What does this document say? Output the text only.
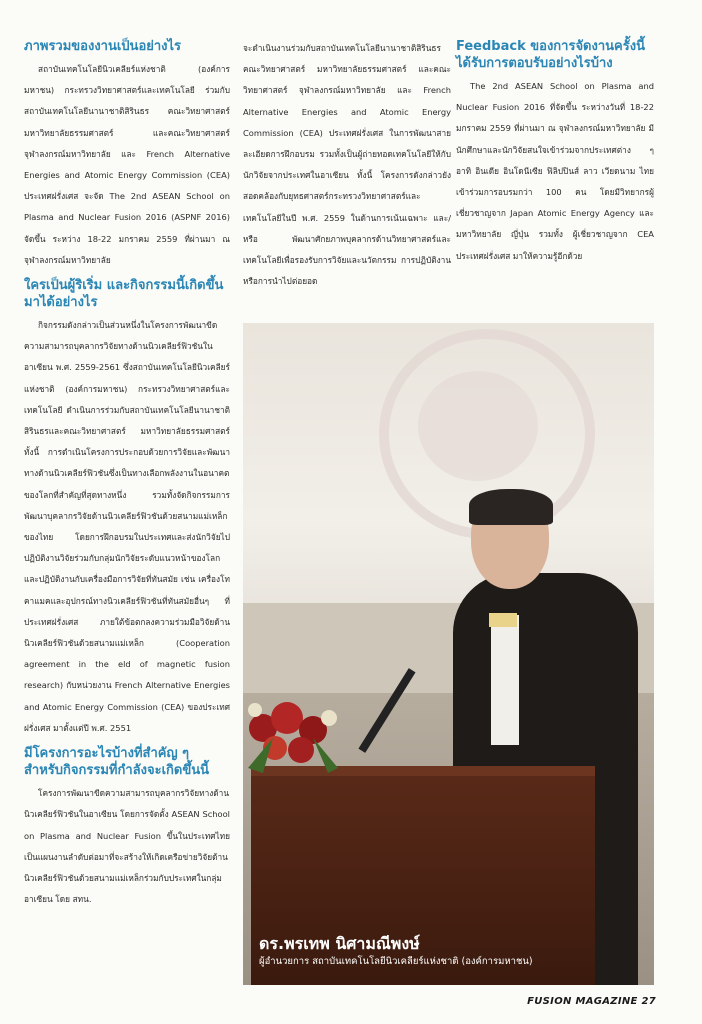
ภาพรวมของงานเป็นอย่างไร

สถาบันเทคโนโลยีนิวเคลียร์แห่งชาติ (องค์การมหาชน) กระทรวงวิทยาศาสตร์และเทคโนโลยี ร่วมกับสถาบันเทคโนโลยีนานาชาติสิรินธร คณะวิทยาศาสตร์ มหาวิทยาลัยธรรมศาสตร์ และคณะวิทยาศาสตร์ จุฬาลงกรณ์มหาวิทยาลัย และ French Alternative Energies and Atomic Energy Commission (CEA) ประเทศฝรั่งเศส จะจัด The 2nd ASEAN School on Plasma and Nuclear Fusion 2016 (ASPNF 2016) จัดขึ้น ระหว่าง 18-22 มกราคม 2559 ที่ผ่านมา ณ จุฬาลงกรณ์มหาวิทยาลัย

ใครเป็นผู้ริเริ่ม และกิจกรรมนี้เกิดขึ้นมาได้อย่างไร

กิจกรรมดังกล่าวเป็นส่วนหนึ่งในโครงการพัฒนาขีดความสามารถบุคลากรวิจัยทางด้านนิวเคลียร์ฟิวชันในอาเซียน พ.ศ. 2559-2561 ซึ่งสถาบันเทคโนโลยีนิวเคลียร์แห่งชาติ (องค์การมหาชน) กระทรวงวิทยาศาสตร์และเทคโนโลยี ดำเนินการร่วมกับสถาบันเทคโนโลยีนานาชาติสิรินธรและคณะวิทยาศาสตร์ มหาวิทยาลัยธรรมศาสตร์ ทั้งนี้ การดำเนินโครงการประกอบด้วยการวิจัยและพัฒนาทางด้านนิวเคลียร์ฟิวชันซึ่งเป็นทางเลือกพลังงานในอนาคตของโลกที่สำคัญที่สุดทางหนึ่ง รวมทั้งจัดกิจกรรมการพัฒนาบุคลากรวิจัยด้านนิวเคลียร์ฟิวชันด้วยสนามแม่เหล็กของไทย โดยการฝึกอบรมในประเทศและส่งนักวิจัยไปปฏิบัติงานวิจัยร่วมกับกลุ่มนักวิจัยระดับแนวหน้าของโลก และปฏิบัติงานกับเครื่องมือการวิจัยที่ทันสมัย เช่น เครื่องโทคาแมคและอุปกรณ์ทางนิวเคลียร์ฟิวชันที่ทันสมัยอื่นๆ ที่ประเทศฝรั่งเศส ภายใต้ข้อตกลงความร่วมมือวิจัยด้านนิวเคลียร์ฟิวชันด้วยสนามแม่เหล็ก (Cooperation agreement in the eld of magnetic fusion research) กับหน่วยงาน French Alternative Energies and Atomic Energy Commission (CEA) ของประเทศฝรั่งเศส มาตั้งแต่ปี พ.ศ. 2551

มีโครงการอะไรบ้างที่สำคัญ ๆ สำหรับกิจกรรมที่กำลังจะเกิดขึ้นนี้

โครงการพัฒนาขีดความสามารถบุคลากรวิจัยทางด้านนิวเคลียร์ฟิวชันในอาเซียน โดยการจัดตั้ง ASEAN School on Plasma and Nuclear Fusion ขึ้นในประเทศไทย เป็นแผนงานลำดับต่อมาที่จะสร้างให้เกิดเครือข่ายวิจัยด้านนิวเคลียร์ฟิวชันด้วยสนามแม่เหล็กร่วมกับประเทศในกลุ่มอาเซียน โดย สทน.

จะดำเนินงานร่วมกับสถาบันเทคโนโลยีนานาชาติสิรินธร คณะวิทยาศาสตร์ มหาวิทยาลัยธรรมศาสตร์ และคณะวิทยาศาสตร์ จุฬาลงกรณ์มหาวิทยาลัย และ French Alternative Energies and Atomic Energy Commission (CEA) ประเทศฝรั่งเศส ในการพัฒนาสายละเอียดการฝึกอบรม รวมทั้งเป็นผู้ถ่ายทอดเทคโนโลยีให้กับนักวิจัยจากประเทศในอาเซียน ทั้งนี้ โครงการดังกล่าวยังสอดคล้องกับยุทธศาสตร์กระทรวงวิทยาศาสตร์และเทคโนโลยีในปี พ.ศ. 2559 ในด้านการเน้นเฉพาะ และ/หรือ พัฒนาศักยภาพบุคลากรด้านวิทยาศาสตร์และเทคโนโลยีเพื่อรองรับการวิจัยและนวัตกรรม การปฏิบัติงานหรือการนำไปต่อยอด

Feedback ของการจัดงานครั้งนี้ ได้รับการตอบรับอย่างไรบ้าง

The 2nd ASEAN School on Plasma and Nuclear Fusion 2016 ที่จัดขึ้น ระหว่างวันที่ 18-22 มกราคม 2559 ที่ผ่านมา ณ จุฬาลงกรณ์มหาวิทยาลัย มีนักศึกษาและนักวิจัยสนใจเข้าร่วมจากประเทศต่าง ๆ อาทิ อินเดีย อินโดนีเซีย ฟิลิปปินส์ ลาว เวียดนาม ไทย เข้าร่วมการอบรมกว่า 100 คน โดยมีวิทยากรผู้เชี่ยวชาญจาก Japan Atomic Energy Agency และมหาวิทยาลัย ญี่ปุ่น รวมทั้ง ผู้เชี่ยวชาญจาก CEA ประเทศฝรั่งเศส มาให้ความรู้อีกด้วย

ดร.พรเทพ นิศามณีพงษ์
ผู้อำนวยการ สถาบันเทคโนโลยีนิวเคลียร์แห่งชาติ (องค์การมหาชน)
FUSION MAGAZINE 27
